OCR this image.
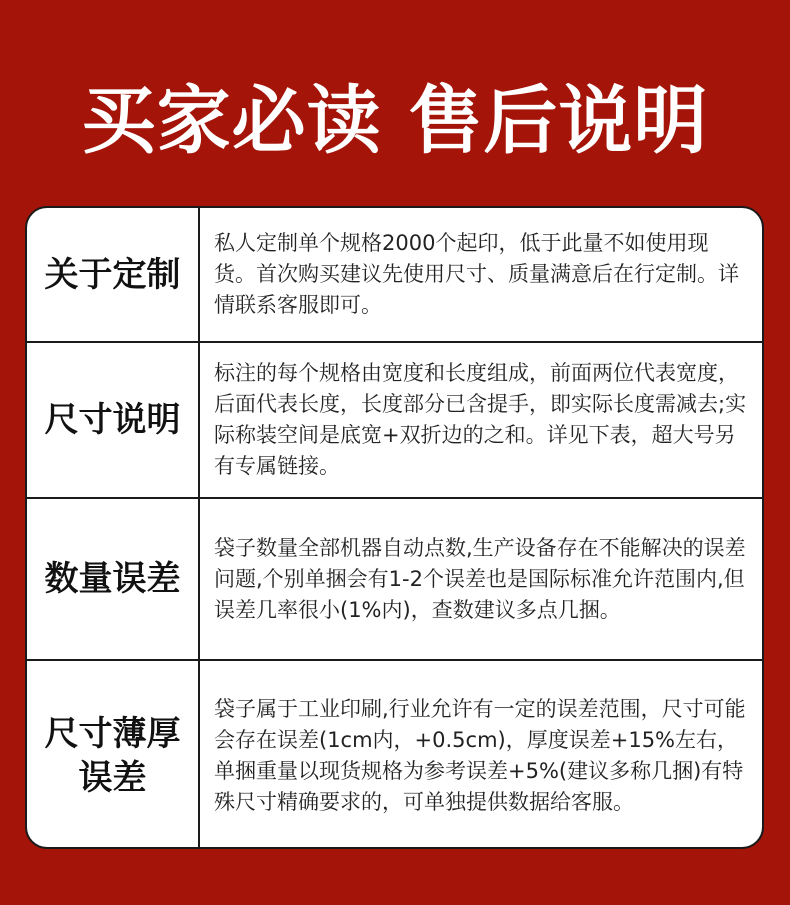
买家必读 售后说明
关于定制
私人定制单个规格2000个起印，低于此量不如使用现货。首次购买建议先使用尺寸、质量满意后在行定制。详情联系客服即可。
尺寸说明
标注的每个规格由宽度和长度组成，前面两位代表宽度，后面代表长度，长度部分已含提手，即实际长度需减去;实际称装空间是底宽+双折边的之和。详见下表，超大号另有专属链接。
数量误差
袋子数量全部机器自动点数,生产设备存在不能解决的误差问题,个别单捆会有1-2个误差也是国际标准允许范围内,但误差几率很小(1%内)，查数建议多点几捆。
尺寸薄厚误差
袋子属于工业印刷,行业允许有一定的误差范围，尺寸可能会存在误差(1cm内，+0.5cm)，厚度误差+15%左右，单捆重量以现货规格为参考误差+5%(建议多称几捆)有特殊尺寸精确要求的，可单独提供数据给客服。
